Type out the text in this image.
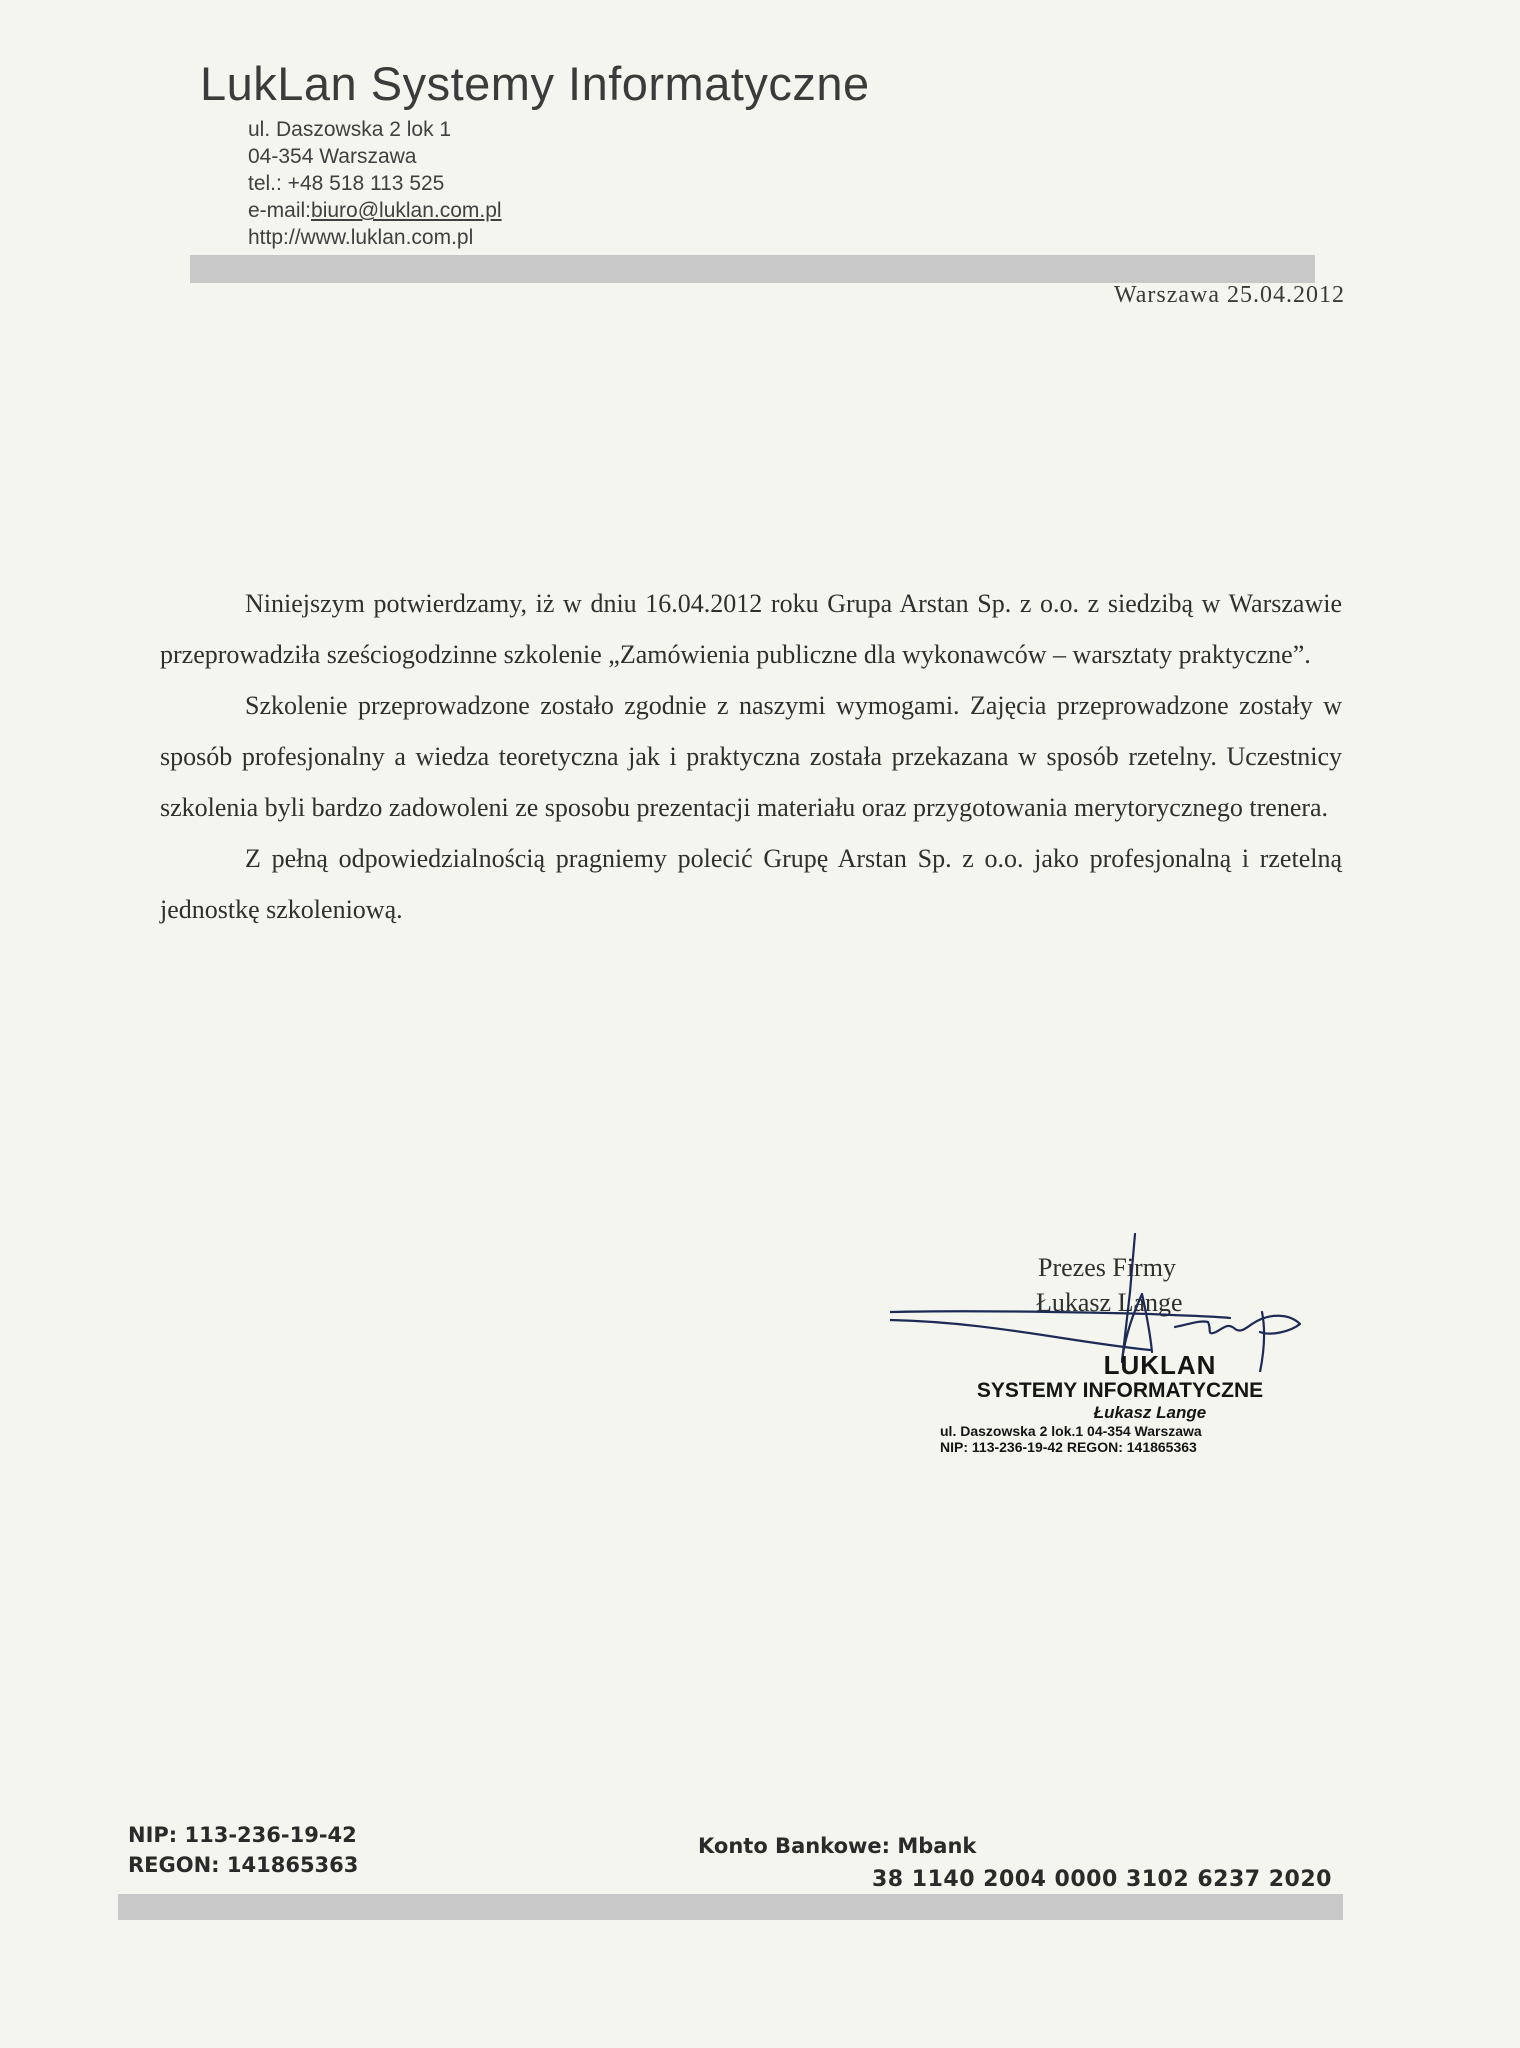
LukLan Systemy Informatyczne
ul. Daszowska 2 lok 1
04-354 Warszawa
tel.: +48 518 113 525
e-mail:biuro@luklan.com.pl
http://www.luklan.com.pl
Warszawa 25.04.2012

Niniejszym potwierdzamy, iż w dniu 16.04.2012 roku Grupa Arstan Sp. z o.o. z siedzibą w Warszawie przeprowadziła sześciogodzinne szkolenie „Zamówienia publiczne dla wykonawców – warsztaty praktyczne”.

Szkolenie przeprowadzone zostało zgodnie z naszymi wymogami. Zajęcia przeprowadzone zostały w sposób profesjonalny a wiedza teoretyczna jak i praktyczna została przekazana w sposób rzetelny. Uczestnicy szkolenia byli bardzo zadowoleni ze sposobu prezentacji materiału oraz przygotowania merytorycznego trenera.

Z pełną odpowiedzialnością pragniemy polecić Grupę Arstan Sp. z o.o. jako profesjonalną i rzetelną jednostkę szkoleniową.

Prezes Firmy
Łukasz Lange
LUKLAN
SYSTEMY INFORMATYCZNE
Łukasz Lange
ul. Daszowska 2 lok.1 04-354 Warszawa
NIP: 113-236-19-42 REGON: 141865363
NIP: 113-236-19-42
REGON: 141865363
Konto Bankowe: Mbank
38 1140 2004 0000 3102 6237 2020
